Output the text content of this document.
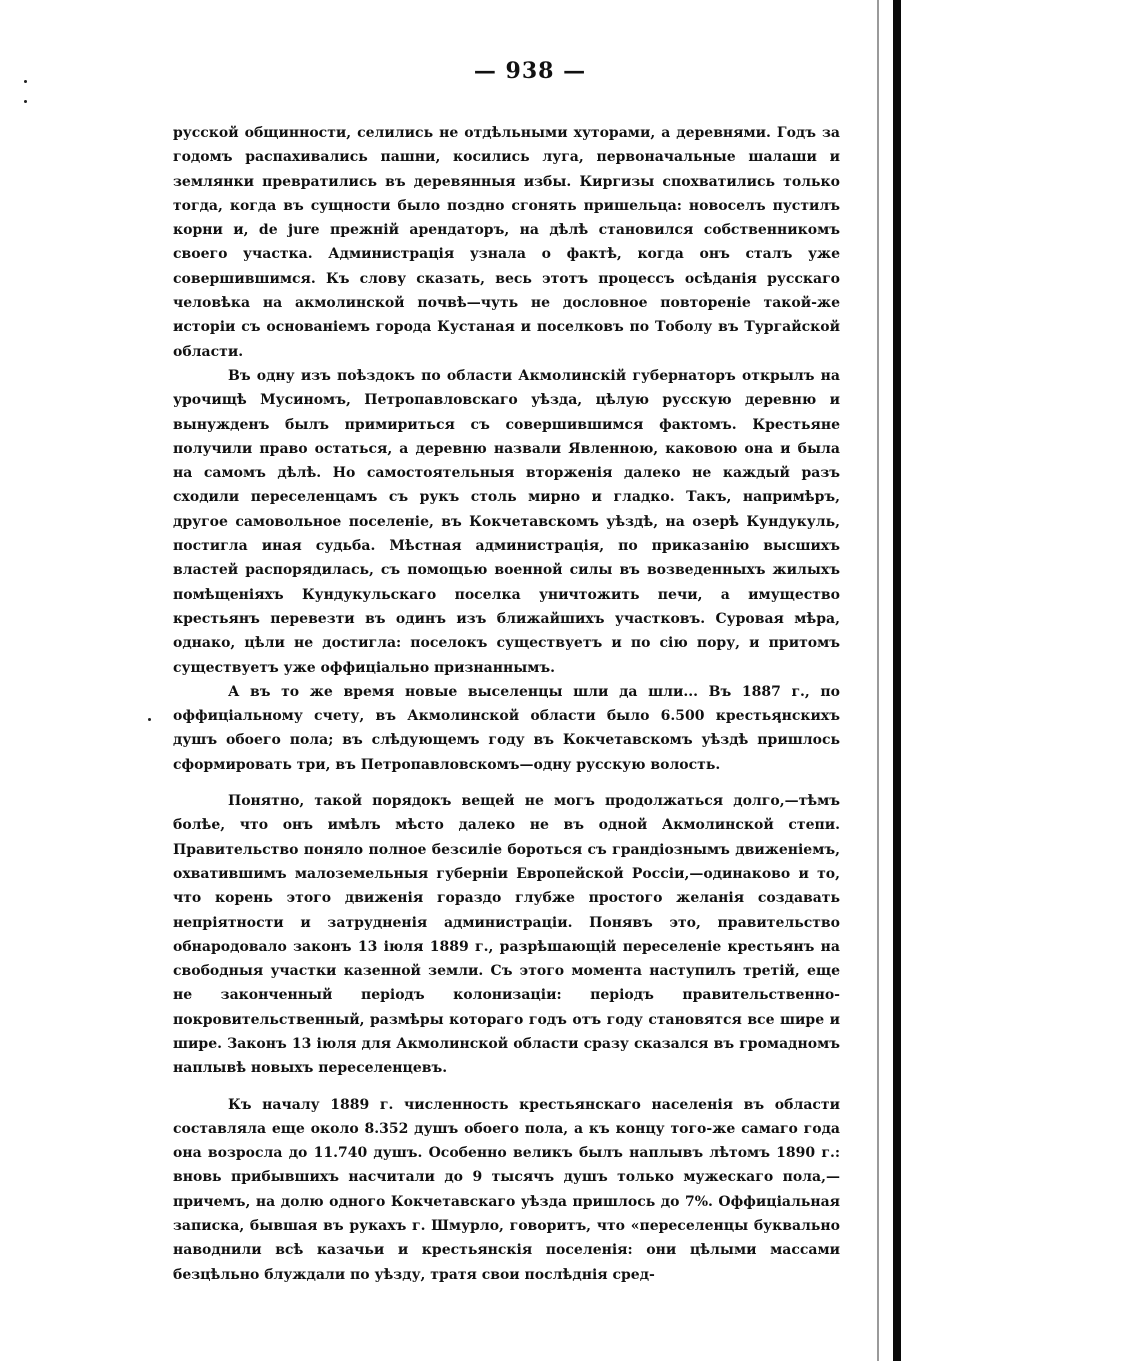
— 938 —

русской общинности, селились не отдѣльными хуторами, а деревнями. Годъ за годомъ распахивались пашни, косились луга, первоначальные шалаши и землянки превратились въ деревянныя избы. Киргизы спохватились только тогда, когда въ сущности было поздно сгонять пришельца: новоселъ пустилъ корни и, de jure прежній арендаторъ, на дѣлѣ становился собственникомъ своего участка. Администрація узнала о фактѣ, когда онъ сталъ уже совершившимся. Къ слову сказать, весь этотъ процессъ осѣданія русскаго человѣка на акмолинской почвѣ—чуть не дословное повтореніе такой-же исторіи съ основаніемъ города Кустаная и поселковъ по Тоболу въ Тургайской области.

Въ одну изъ поѣздокъ по области Акмолинскій губернаторъ открылъ на урочищѣ Мусиномъ, Петропавловскаго уѣзда, цѣлую русскую деревню и вынужденъ былъ примириться съ совершившимся фактомъ. Крестьяне получили право остаться, а деревню назвали Явленною, каковою она и была на самомъ дѣлѣ. Но самостоятельныя вторженія далеко не каждый разъ сходили переселенцамъ съ рукъ столь мирно и гладко. Такъ, напримѣръ, другое самовольное поселеніе, въ Кокчетавскомъ уѣздѣ, на озерѣ Кундукуль, постигла иная судьба. Мѣстная администрація, по приказанію высшихъ властей распорядилась, съ помощью военной силы въ возведенныхъ жилыхъ помѣщеніяхъ Кундукульскаго поселка уничтожить печи, а имущество крестьянъ перевезти въ одинъ изъ ближайшихъ участковъ. Суровая мѣра, однако, цѣли не достигла: поселокъ существуетъ и по сію пору, и притомъ существуетъ уже оффиціально признаннымъ.

А въ то же время новые выселенцы шли да шли... Въ 1887 г., по оффиціальному счету, въ Акмолинской области было 6.500 крестьянскихъ душъ обоего пола; въ слѣдующемъ году въ Кокчетавскомъ уѣздѣ пришлось сформировать три, въ Петропавловскомъ—одну русскую волость.

Понятно, такой порядокъ вещей не могъ продолжаться долго,—тѣмъ болѣе, что онъ имѣлъ мѣсто далеко не въ одной Акмолинской степи. Правительство поняло полное безсиліе бороться съ грандіознымъ движеніемъ, охватившимъ малоземельныя губерніи Европейской Россіи,—одинаково и то, что корень этого движенія гораздо глубже простого желанія создавать непріятности и затрудненія администраціи. Понявъ это, правительство обнародовало законъ 13 іюля 1889 г., разрѣшающій переселеніе крестьянъ на свободныя участки казенной земли. Съ этого момента наступилъ третій, еще не законченный періодъ колонизаціи: періодъ правительственно-покровительственный, размѣры котораго годъ отъ году становятся все шире и шире. Законъ 13 іюля для Акмолинской области сразу сказался въ громадномъ наплывѣ новыхъ переселенцевъ.

Къ началу 1889 г. численность крестьянскаго населенія въ области составляла еще около 8.352 душъ обоего пола, а къ концу того-же самаго года она возросла до 11.740 душъ. Особенно великъ былъ наплывъ лѣтомъ 1890 г.: вновь прибывшихъ насчитали до 9 тысячъ душъ только мужескаго пола,—причемъ, на долю одного Кокчетавскаго уѣзда пришлось до 7%. Оффиціальная записка, бывшая въ рукахъ г. Шмурло, говоритъ, что «переселенцы буквально наводнили всѣ казачьи и крестьянскія поселенія: они цѣлыми массами безцѣльно блуждали по уѣзду, тратя свои послѣднія сред-
